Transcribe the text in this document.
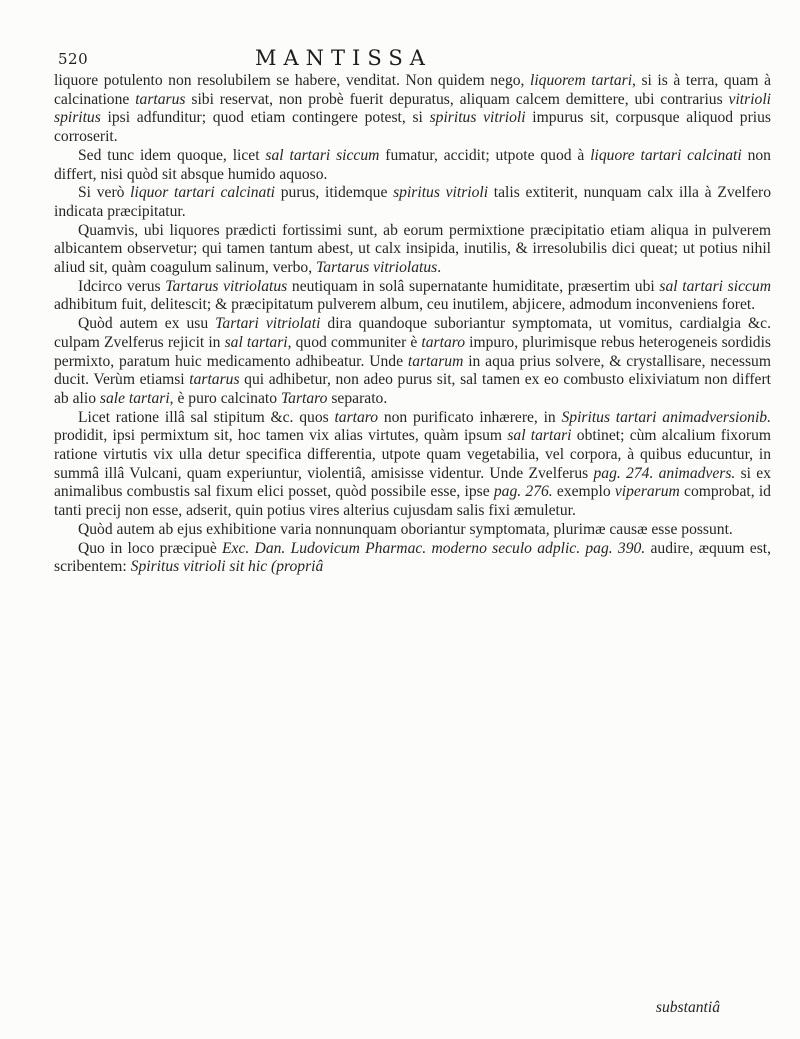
520	MANTISSA

liquore potulento non resolubilem se habere, venditat. Non quidem nego, liquorem tartari, si is à terra, quam à calcinatione tartarus sibi reservat, non probè fuerit depuratus, aliquam calcem demittere, ubi contrarius vitrioli spiritus ipsi adfunditur; quod etiam contingere potest, si spiritus vitrioli impurus sit, corpusque aliquod prius corroserit.

Sed tunc idem quoque, licet sal tartari siccum fumatur, accidit; utpote quod à liquore tartari calcinati non differt, nisi quòd sit absque humido aquoso.

Si verò liquor tartari calcinati purus, itidemque spiritus vitrioli talis extiterit, nunquam calx illa à Zvelfero indicata præcipitatur.

Quamvis, ubi liquores prædicti fortissimi sunt, ab eorum permixtione præcipitatio etiam aliqua in pulverem albicantem observetur; qui tamen tantum abest, ut calx insipida, inutilis, & irresolubilis dici queat; ut potius nihil aliud sit, quàm coagulum salinum, verbo, Tartarus vitriolatus.

Idcirco verus Tartarus vitriolatus neutiquam in solâ supernatante humiditate, præsertim ubi sal tartari siccum adhibitum fuit, delitescit; & præcipitatum pulverem album, ceu inutilem, abjicere, admodum inconveniens foret.

Quòd autem ex usu Tartari vitriolati dira quandoque suboriantur symptomata, ut vomitus, cardialgia &c. culpam Zvelferus rejicit in sal tartari, quod communiter è tartaro impuro, plurimisque rebus heterogeneis sordidis permixto, paratum huic medicamento adhibeatur. Unde tartarum in aqua prius solvere, & crystallisare, necessum ducit. Verùm etiamsi tartarus qui adhibetur, non adeo purus sit, sal tamen ex eo combusto elixiviatum non differt ab alio sale tartari, è puro calcinato Tartaro separato.

Licet ratione illâ sal stipitum &c. quos tartaro non purificato inhærere, in Spiritus tartari animadversionib. prodidit, ipsi permixtum sit, hoc tamen vix alias virtutes, quàm ipsum sal tartari obtinet; cùm alcalium fixorum ratione virtutis vix ulla detur specifica differentia, utpote quam vegetabilia, vel corpora, à quibus educuntur, in summâ illâ Vulcani, quam experiuntur, violentiâ, amisisse videntur. Unde Zvelferus pag. 274. animadvers. si ex animalibus combustis sal fixum elici posset, quòd possibile esse, ipse pag. 276. exemplo viperarum comprobat, id tanti precij non esse, adserit, quin potius vires alterius cujusdam salis fixi æmuletur.

Quòd autem ab ejus exhibitione varia nonnunquam oboriantur symptomata, plurimæ causæ esse possunt.

Quo in loco præcipuè Exc. Dan. Ludovicum Pharmac. moderno seculo adplic. pag. 390. audire, æquum est, scribentem: Spiritus vitrioli sit hic (propriâ

substantiâ
